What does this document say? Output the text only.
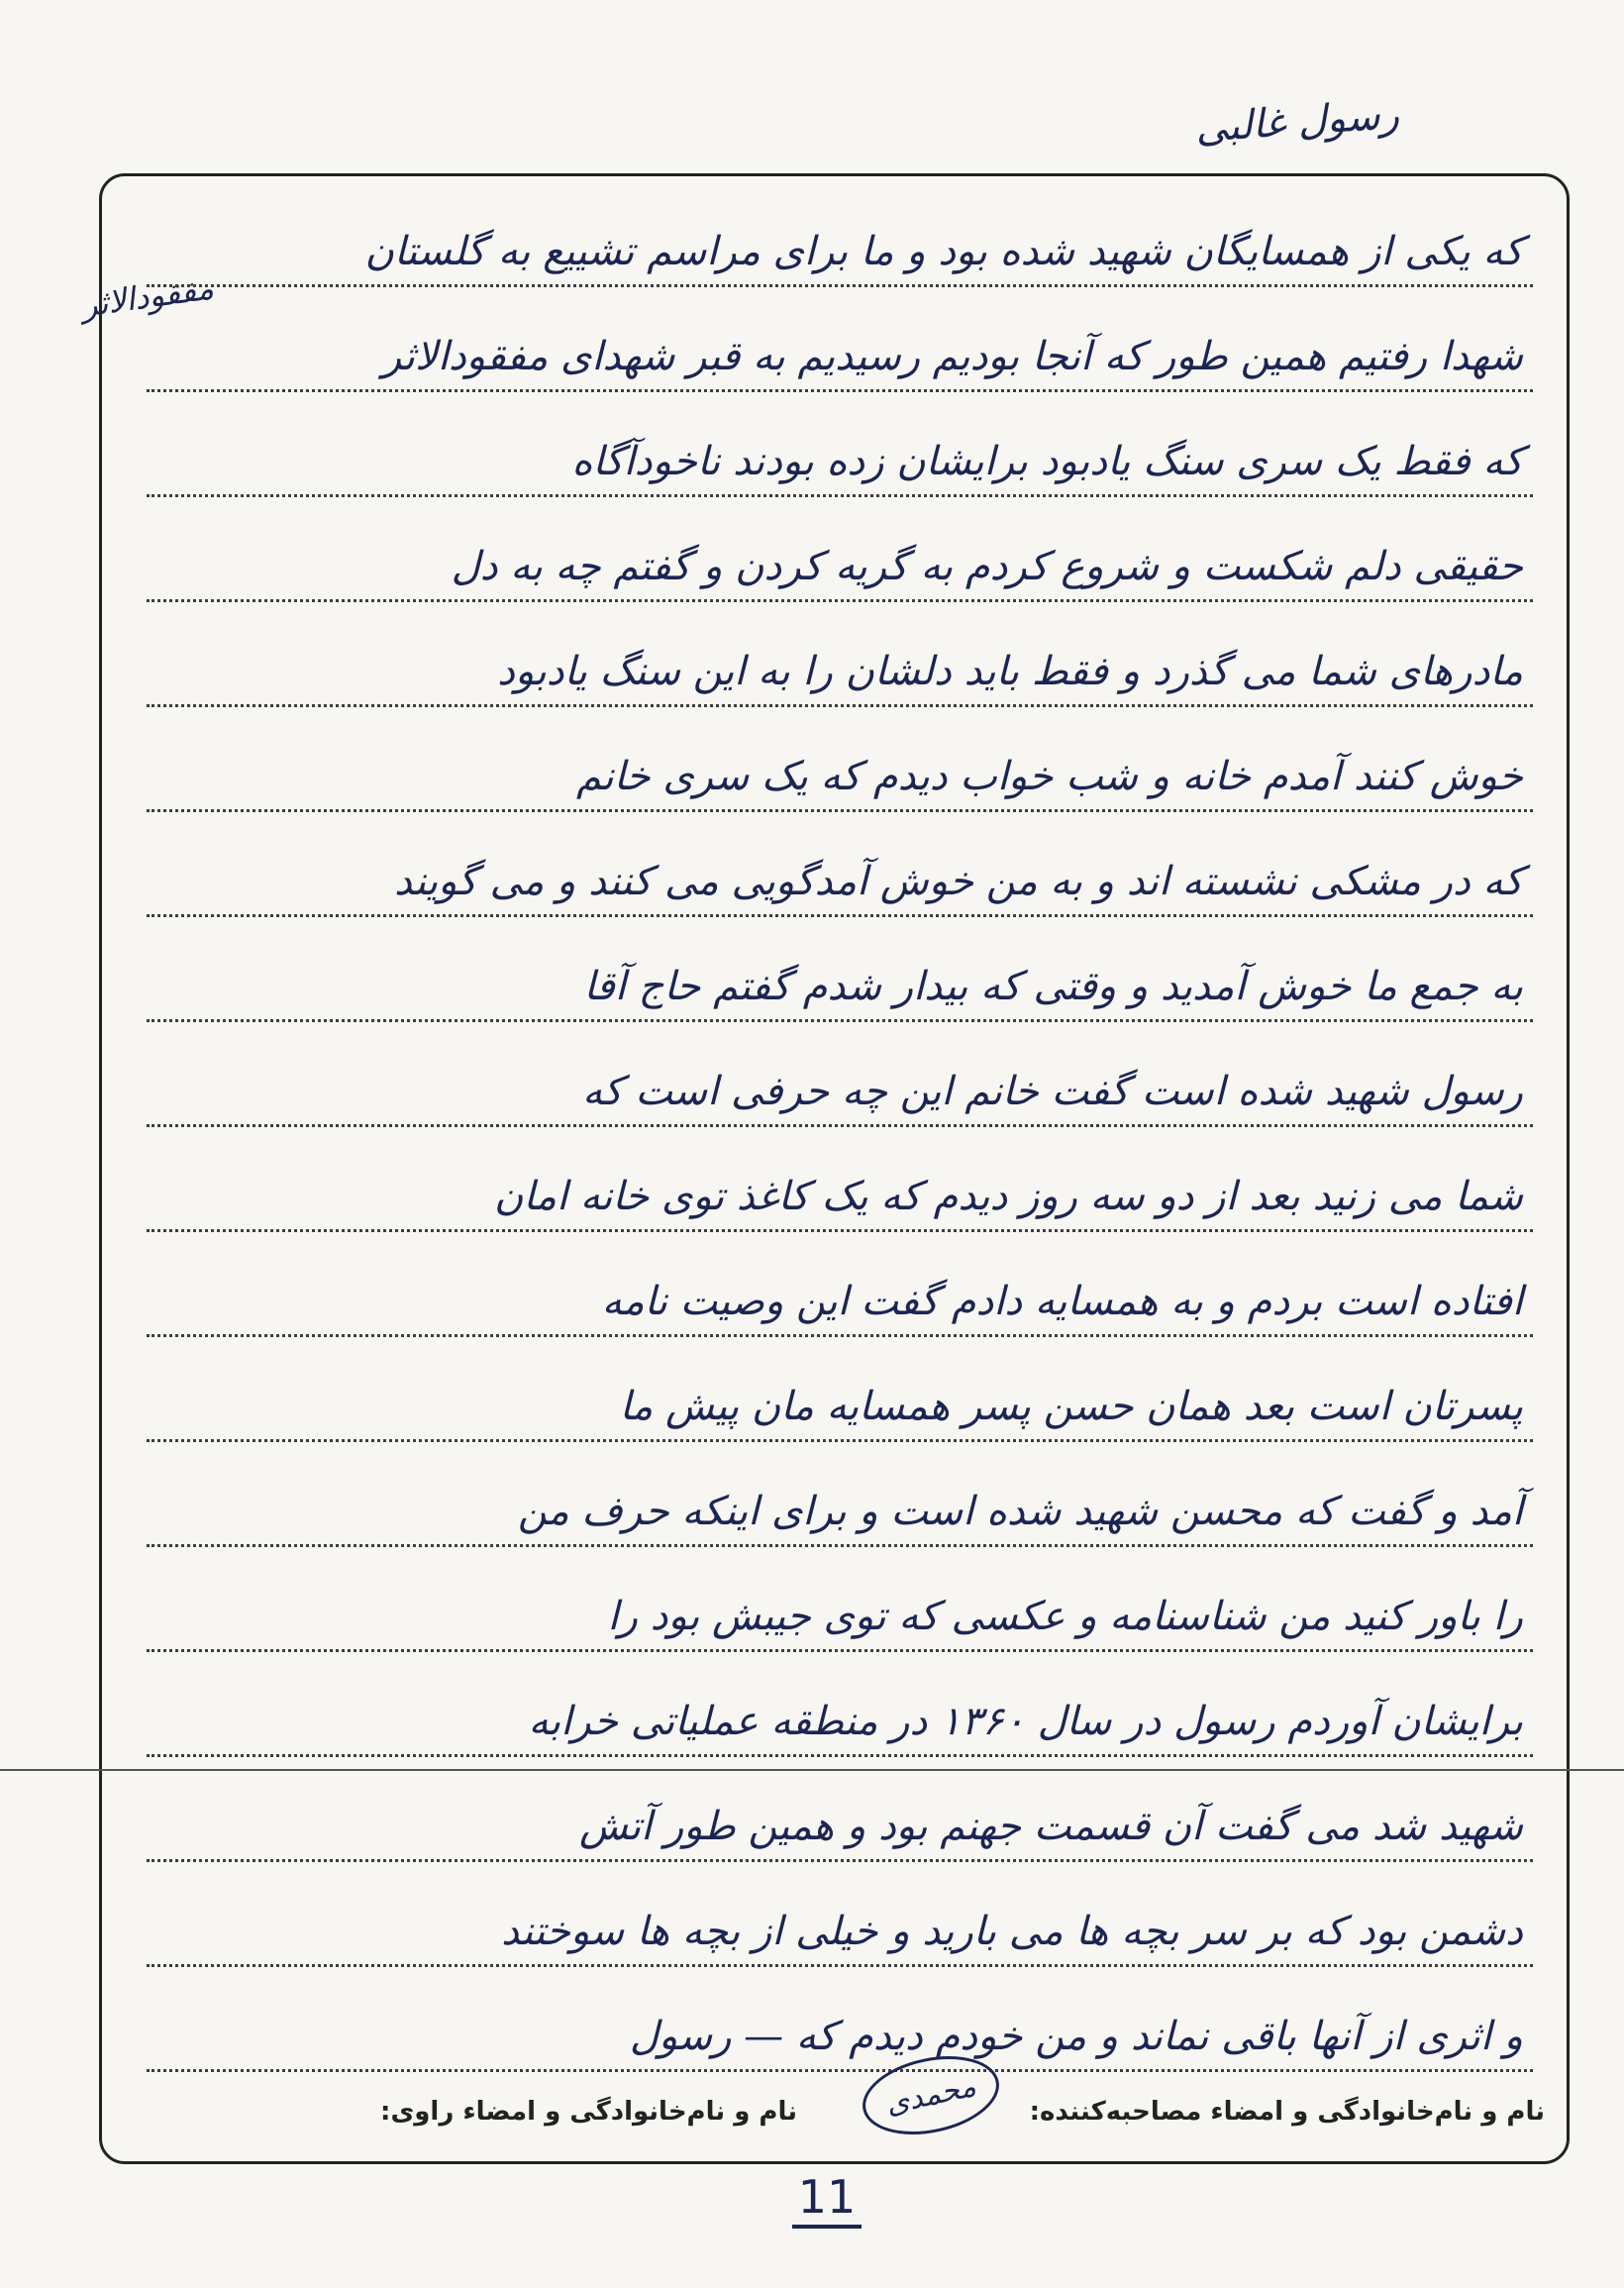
رسول غالبی
مفقودالاثر
که یکی از همسایگان شهید شده بود و ما برای مراسم تشییع به گلستان
شهدا رفتیم همین طور که آنجا بودیم رسیدیم به قبر شهدای مفقودالاثر
که فقط یک سری سنگ یادبود برایشان زده بودند ناخودآگاه
حقیقی دلم شکست و شروع کردم به گریه کردن و گفتم چه به دل
مادرهای شما می گذرد و فقط باید دلشان را به این سنگ یادبود
خوش کنند آمدم خانه و شب خواب دیدم که یک سری خانم
که در مشکی نشسته اند و به من خوش آمدگویی می کنند و می گویند
به جمع ما خوش آمدید و وقتی که بیدار شدم گفتم حاج آقا
رسول شهید شده است گفت خانم این چه حرفی است که
شما می زنید بعد از دو سه روز دیدم که یک کاغذ توی خانه امان
افتاده است بردم و به همسایه دادم گفت این وصیت نامه
پسرتان است بعد همان حسن پسر همسایه مان پیش ما
آمد و گفت که محسن شهید شده است و برای اینکه حرف من
را باور کنید من شناسنامه و عکسی که توی جیبش بود را
برایشان آوردم رسول در سال ۱۳۶۰ در منطقه عملیاتی خرابه
شهید شد می گفت آن قسمت جهنم بود و همین طور آتش
دشمن بود که بر سر بچه ها می بارید و خیلی از بچه ها سوختند
و اثری از آنها باقی نماند و من خودم دیدم که — رسول
نام و نام‌خانوادگی و امضاء مصاحبه‌کننده:
نام و نام‌خانوادگی و امضاء راوی:	محمدی
11
